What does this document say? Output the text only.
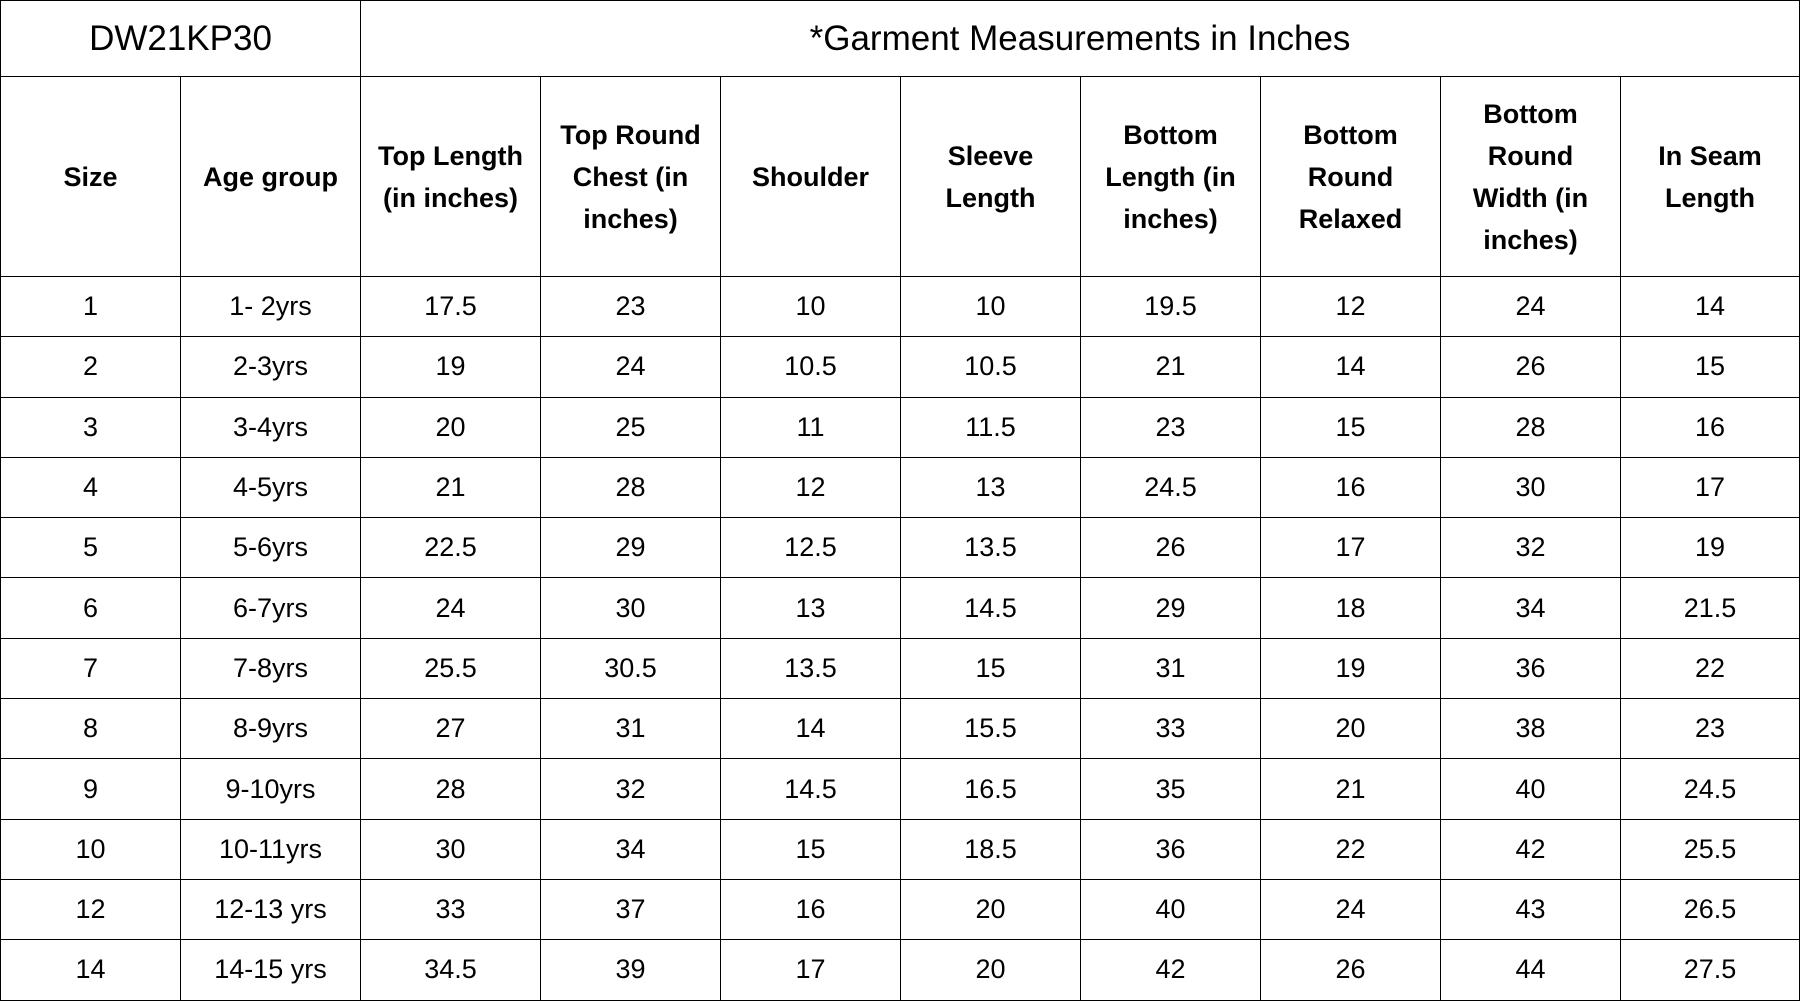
DW21KP30		*Garment Measurements in Inches							
Size	Age group	Top Length (in inches)	Top Round Chest (in inches)	Shoulder	Sleeve Length	Bottom Length (in inches)	Bottom Round Relaxed	Bottom Round Width (in inches)	In Seam Length
1	1- 2yrs	17.5	23	10	10	19.5	12	24	14
2	2-3yrs	19	24	10.5	10.5	21	14	26	15
3	3-4yrs	20	25	11	11.5	23	15	28	16
4	4-5yrs	21	28	12	13	24.5	16	30	17
5	5-6yrs	22.5	29	12.5	13.5	26	17	32	19
6	6-7yrs	24	30	13	14.5	29	18	34	21.5
7	7-8yrs	25.5	30.5	13.5	15	31	19	36	22
8	8-9yrs	27	31	14	15.5	33	20	38	23
9	9-10yrs	28	32	14.5	16.5	35	21	40	24.5
10	10-11yrs	30	34	15	18.5	36	22	42	25.5
12	12-13 yrs	33	37	16	20	40	24	43	26.5
14	14-15 yrs	34.5	39	17	20	42	26	44	27.5
